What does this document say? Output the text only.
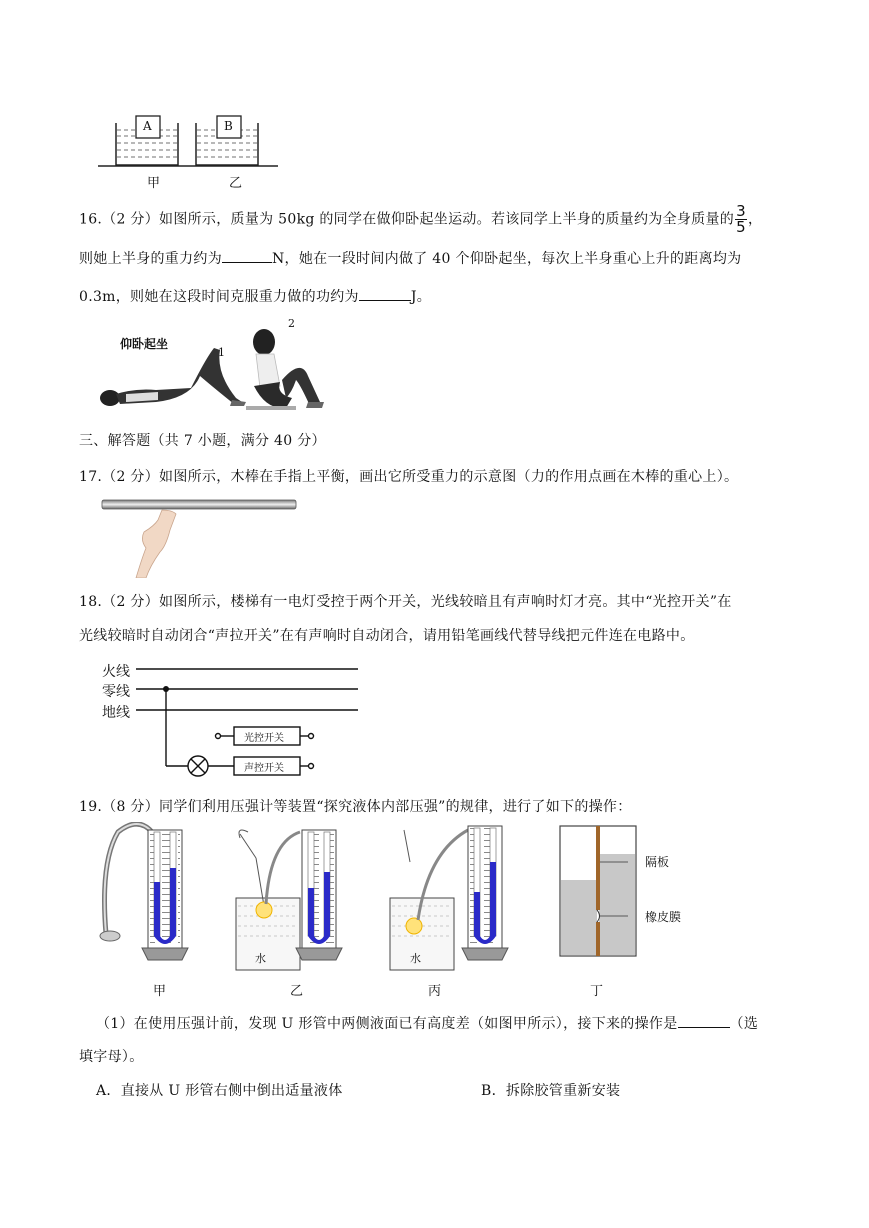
A	B
甲	乙
16.（2 分）如图所示，质量为 50kg 的同学在做仰卧起坐运动。若该同学上半身的质量约为全身质量的 $\frac{3}{5}$ ，
则她上半身的重力约为	N，她在一段时间内做了 40 个仰卧起坐，每次上半身重心上升的距离均为
0.3m，则她在这段时间克服重力做的功约为	J。
仰卧起坐
1
2
三、解答题（共 7 小题，满分 40 分）
17.（2 分）如图所示，木棒在手指上平衡，画出它所受重力的示意图（力的作用点画在木棒的重心上）。
18.（2 分）如图所示，楼梯有一电灯受控于两个开关，光线较暗且有声响时灯才亮。其中“光控开关”在
光线较暗时自动闭合“声拉开关”在有声响时自动闭合，请用铅笔画线代替导线把元件连在电路中。
火线
零线
地线
光控开关
声控开关
19.（8 分）同学们利用压强计等装置“探究液体内部压强”的规律，进行了如下的操作：
甲	乙	丙	丁
水	水
隔板
橡皮膜
（1）在使用压强计前，发现 U 形管中两侧液面已有高度差（如图甲所示），接下来的操作是	（选
填字母）。
A．直接从 U 形管右侧中倒出适量液体	B．拆除胶管重新安装
